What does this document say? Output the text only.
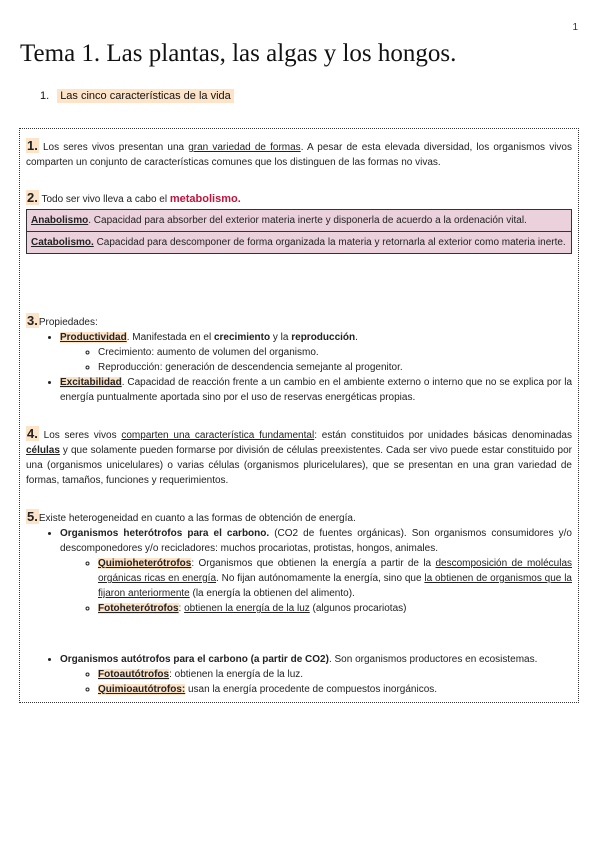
1
Tema 1. Las plantas, las algas y los hongos.
1. Las cinco características de la vida
1. Los seres vivos presentan una gran variedad de formas. A pesar de esta elevada diversidad, los organismos vivos comparten un conjunto de características comunes que los distinguen de las formas no vivas.
2. Todo ser vivo lleva a cabo el metabolismo.
Anabolismo. Capacidad para absorber del exterior materia inerte y disponerla de acuerdo a la ordenación vital.
Catabolismo. Capacidad para descomponer de forma organizada la materia y retornarla al exterior como materia inerte.
3.Propiedades:
• Productividad. Manifestada en el crecimiento y la reproducción.
◦ Crecimiento: aumento de volumen del organismo.
◦ Reproducción: generación de descendencia semejante al progenitor.
• Excitabilidad. Capacidad de reacción frente a un cambio en el ambiente externo o interno que no se explica por la energía puntualmente aportada sino por el uso de reservas energéticas propias.
4. Los seres vivos comparten una característica fundamental: están constituidos por unidades básicas denominadas células y que solamente pueden formarse por división de células preexistentes. Cada ser vivo puede estar constituido por una (organismos unicelulares) o varias células (organismos pluricelulares), que se presentan en una gran variedad de formas, tamaños, funciones y requerimientos.
5.Existe heterogeneidad en cuanto a las formas de obtención de energía.
• Organismos heterótrofos para el carbono. (CO2 de fuentes orgánicas). Son organismos consumidores y/o descomponedores y/o recicladores: muchos procariotas, protistas, hongos, animales.
◦ Quimioheterótrofos: Organismos que obtienen la energía a partir de la descomposición de moléculas orgánicas ricas en energía. No fijan autónomamente la energía, sino que la obtienen de organismos que la fijaron anteriormente (la energía la obtienen del alimento).
◦ Fotoheterótrofos: obtienen la energía de la luz (algunos procariotas)
• Organismos autótrofos para el carbono (a partir de CO2). Son organismos productores en ecosistemas.
◦ Fotoautótrofos: obtienen la energía de la luz.
◦ Quimioautótrofos: usan la energía procedente de compuestos inorgánicos.
